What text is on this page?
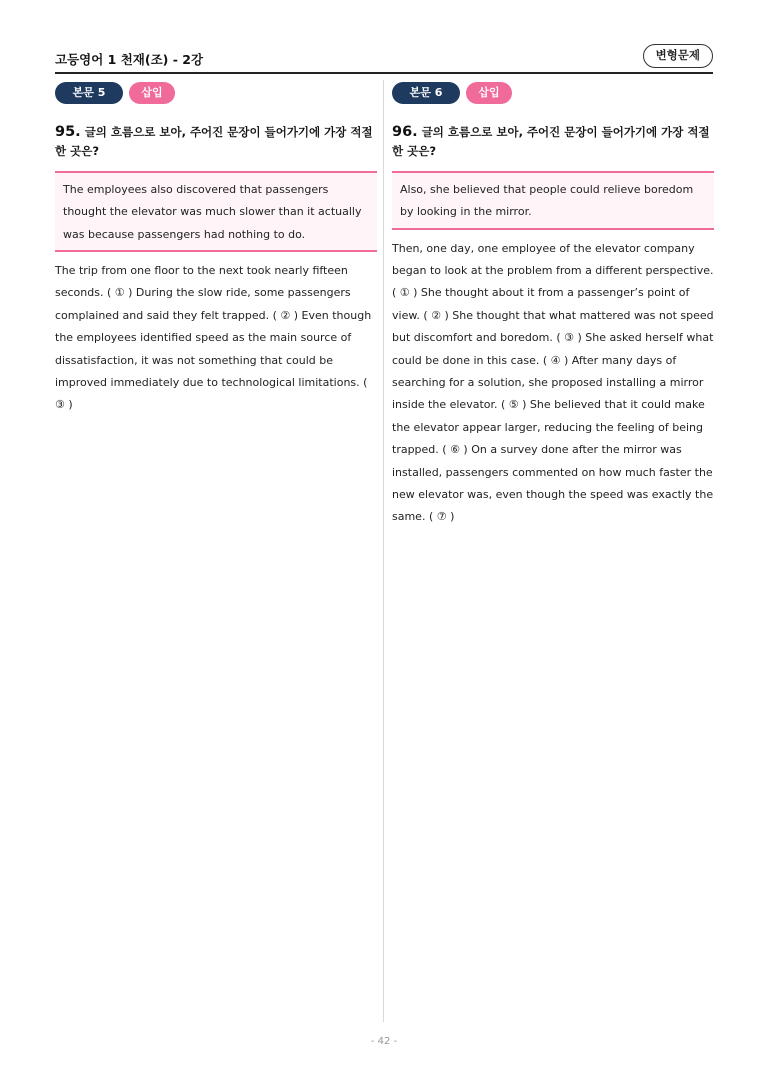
고등영어 1 천재(조) - 2강	변형문제
본문 5	삽입
95. 글의 흐름으로 보아, 주어진 문장이 들어가기에 가장 적절한 곳은?
The employees also discovered that passengers thought the elevator was much slower than it actually was because passengers had nothing to do.
The trip from one floor to the next took nearly fifteen seconds. ( ① ) During the slow ride, some passengers complained and said they felt trapped. ( ② ) Even though the employees identified speed as the main source of dissatisfaction, it was not something that could be improved immediately due to technological limitations. ( ③ )
본문 6	삽입
96. 글의 흐름으로 보아, 주어진 문장이 들어가기에 가장 적절한 곳은?
Also, she believed that people could relieve boredom by looking in the mirror.
Then, one day, one employee of the elevator company began to look at the problem from a different perspective. ( ① ) She thought about it from a passenger’s point of view. ( ② ) She thought that what mattered was not speed but discomfort and boredom. ( ③ ) She asked herself what could be done in this case. ( ④ ) After many days of searching for a solution, she proposed installing a mirror inside the elevator. ( ⑤ ) She believed that it could make the elevator appear larger, reducing the feeling of being trapped. ( ⑥ ) On a survey done after the mirror was installed, passengers commented on how much faster the new elevator was, even though the speed was exactly the same. ( ⑦ )
- 42 -
